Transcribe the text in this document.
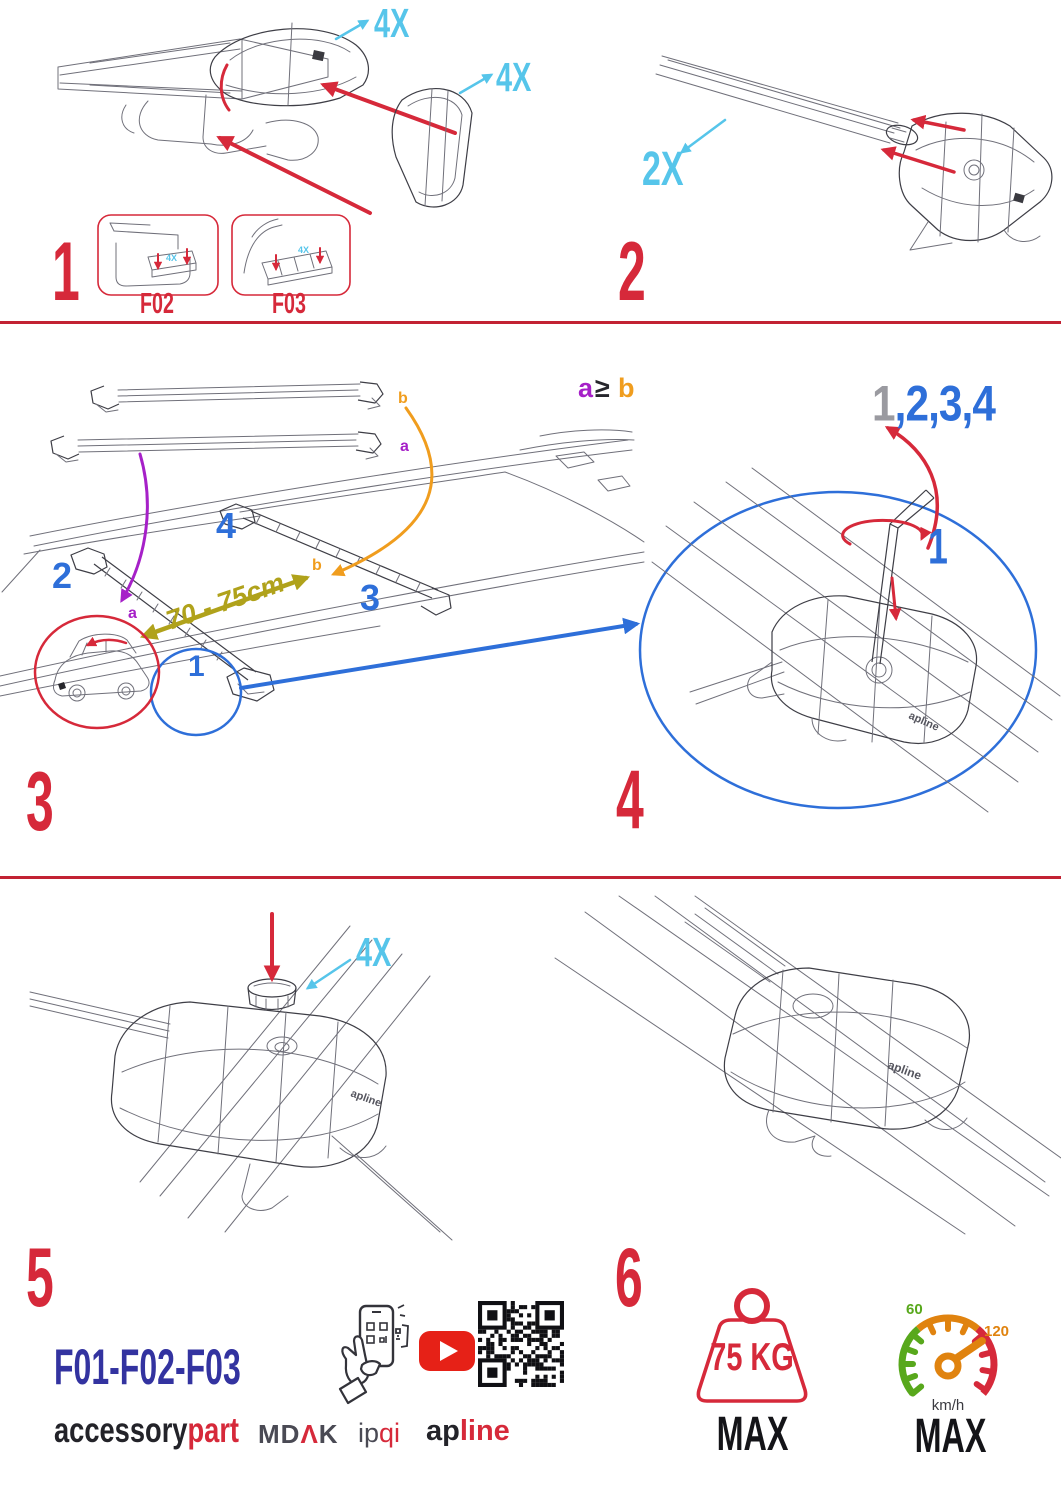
4X
4X
4X
F02
4X
F03
1
2X
2
b
a
a ≥ b
2
4
3
70 - 75cm
a
b
1
3
apline
1,2,3,4
1
4
apline
4X
5
apline
6
F01-F02-F03
accessorypart MDΛK ipqi apline
75 KG
MAX
60
120
km/h
MAX
